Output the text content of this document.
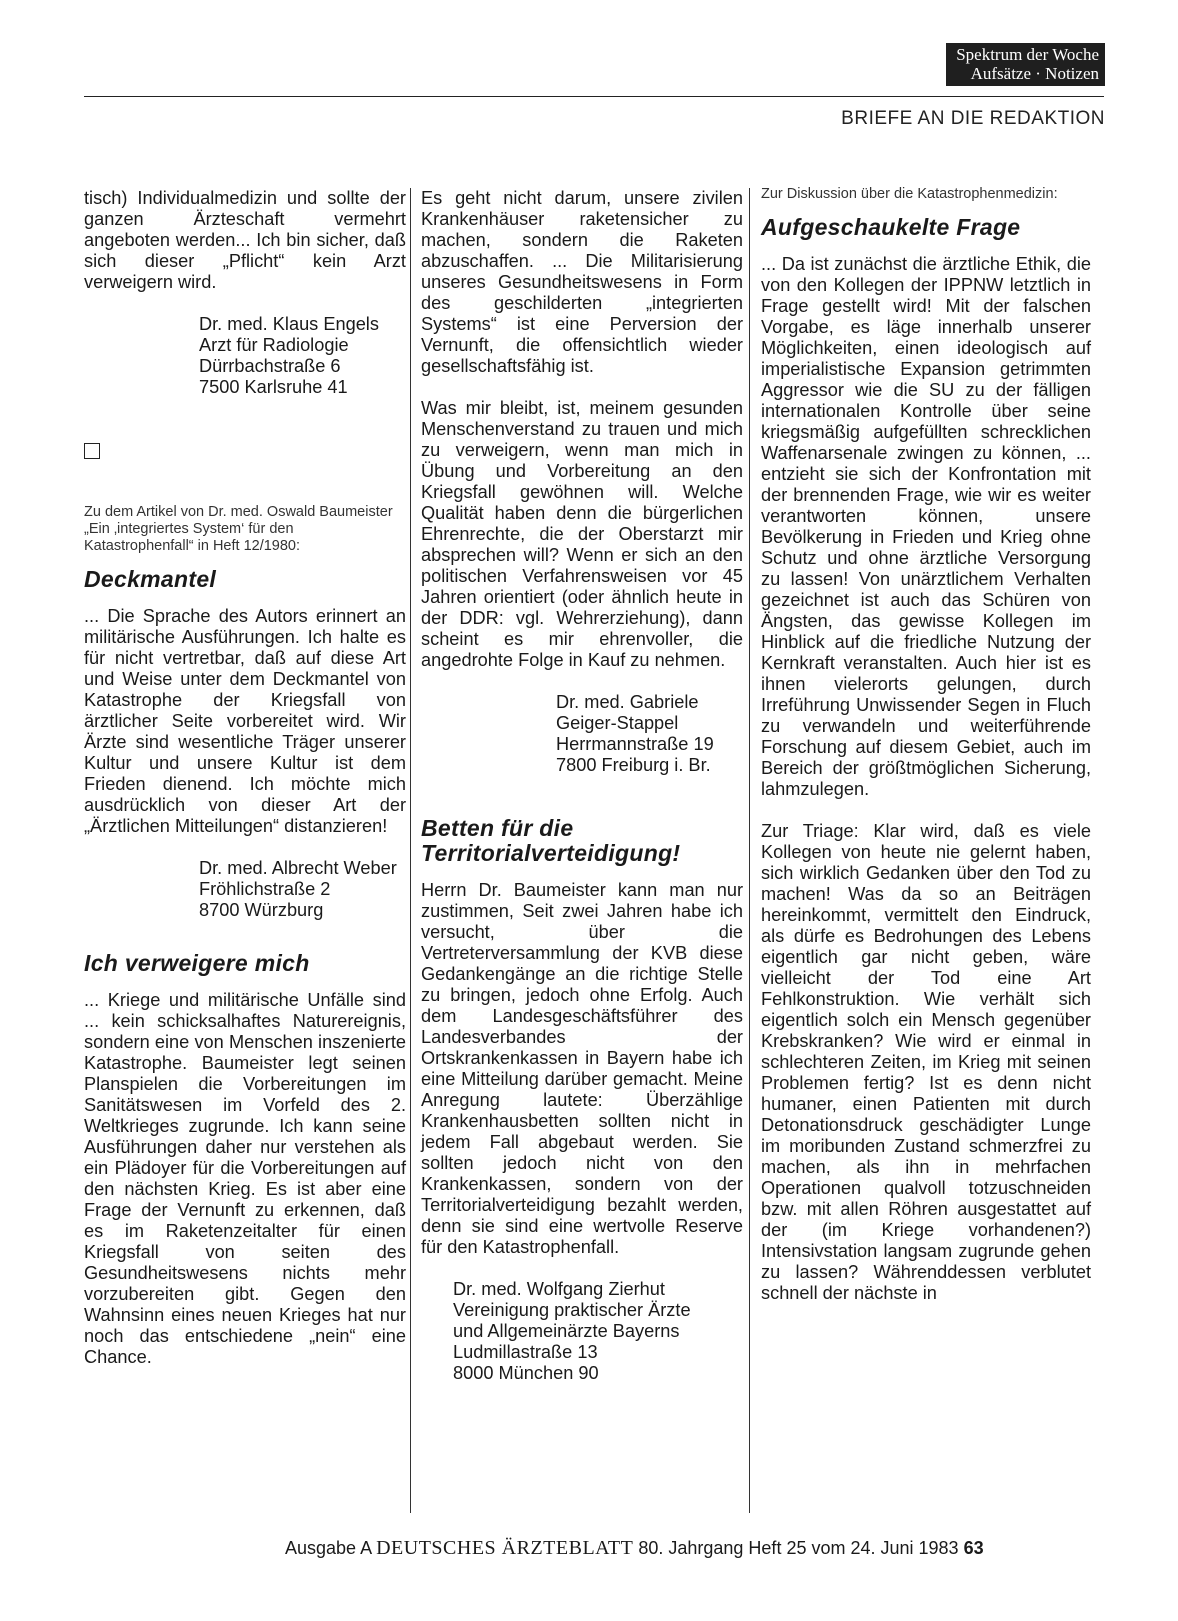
Spektrum der Woche
Aufsätze · Notizen
BRIEFE AN DIE REDAKTION

tisch) Individualmedizin und sollte der ganzen Ärzteschaft vermehrt angeboten werden... Ich bin sicher, daß sich dieser „Pflicht“ kein Arzt verweigern wird.

Dr. med. Klaus Engels
Arzt für Radiologie
Dürrbachstraße 6
7500 Karlsruhe 41

Zu dem Artikel von Dr. med. Oswald Baumeister „Ein ‚integriertes System‘ für den Katastrophenfall“ in Heft 12/1980:

Deckmantel

... Die Sprache des Autors erinnert an militärische Ausführungen. Ich halte es für nicht vertretbar, daß auf diese Art und Weise unter dem Deckmantel von Katastrophe der Kriegsfall von ärztlicher Seite vorbereitet wird. Wir Ärzte sind wesentliche Träger unserer Kultur und unsere Kultur ist dem Frieden dienend. Ich möchte mich ausdrücklich von dieser Art der „Ärztlichen Mitteilungen“ distanzieren!

Dr. med. Albrecht Weber
Fröhlichstraße 2
8700 Würzburg

Ich verweigere mich

... Kriege und militärische Unfälle sind ... kein schicksalhaftes Naturereignis, sondern eine von Menschen inszenierte Katastrophe. Baumeister legt seinen Planspielen die Vorbereitungen im Sanitätswesen im Vorfeld des 2. Weltkrieges zugrunde. Ich kann seine Ausführungen daher nur verstehen als ein Plädoyer für die Vorbereitungen auf den nächsten Krieg. Es ist aber eine Frage der Vernunft zu erkennen, daß es im Raketenzeitalter für einen Kriegsfall von seiten des Gesundheitswesens nichts mehr vorzubereiten gibt. Gegen den Wahnsinn eines neuen Krieges hat nur noch das entschiedene „nein“ eine Chance.

Es geht nicht darum, unsere zivilen Krankenhäuser raketensicher zu machen, sondern die Raketen abzuschaffen. ... Die Militarisierung unseres Gesundheitswesens in Form des geschilderten „integrierten Systems“ ist eine Perversion der Vernunft, die offensichtlich wieder gesellschaftsfähig ist.

Was mir bleibt, ist, meinem gesunden Menschenverstand zu trauen und mich zu verweigern, wenn man mich in Übung und Vorbereitung an den Kriegsfall gewöhnen will. Welche Qualität haben denn die bürgerlichen Ehrenrechte, die der Oberstarzt mir absprechen will? Wenn er sich an den politischen Verfahrensweisen vor 45 Jahren orientiert (oder ähnlich heute in der DDR: vgl. Wehrerziehung), dann scheint es mir ehrenvoller, die angedrohte Folge in Kauf zu nehmen.

Dr. med. Gabriele
Geiger-Stappel
Herrmannstraße 19
7800 Freiburg i. Br.

Betten für die Territorialverteidigung!

Herrn Dr. Baumeister kann man nur zustimmen, Seit zwei Jahren habe ich versucht, über die Vertreterversammlung der KVB diese Gedankengänge an die richtige Stelle zu bringen, jedoch ohne Erfolg. Auch dem Landesgeschäftsführer des Landesverbandes der Ortskrankenkassen in Bayern habe ich eine Mitteilung darüber gemacht. Meine Anregung lautete: Überzählige Krankenhausbetten sollten nicht in jedem Fall abgebaut werden. Sie sollten jedoch nicht von den Krankenkassen, sondern von der Territorialverteidigung bezahlt werden, denn sie sind eine wertvolle Reserve für den Katastrophenfall.

Dr. med. Wolfgang Zierhut
Vereinigung praktischer Ärzte
und Allgemeinärzte Bayerns
Ludmillastraße 13
8000 München 90

Zur Diskussion über die Katastrophenmedizin:

Aufgeschaukelte Frage

... Da ist zunächst die ärztliche Ethik, die von den Kollegen der IPPNW letztlich in Frage gestellt wird! Mit der falschen Vorgabe, es läge innerhalb unserer Möglichkeiten, einen ideologisch auf imperialistische Expansion getrimmten Aggressor wie die SU zu der fälligen internationalen Kontrolle über seine kriegsmäßig aufgefüllten schrecklichen Waffenarsenale zwingen zu können, ... entzieht sie sich der Konfrontation mit der brennenden Frage, wie wir es weiter verantworten können, unsere Bevölkerung in Frieden und Krieg ohne Schutz und ohne ärztliche Versorgung zu lassen! Von unärztlichem Verhalten gezeichnet ist auch das Schüren von Ängsten, das gewisse Kollegen im Hinblick auf die friedliche Nutzung der Kernkraft veranstalten. Auch hier ist es ihnen vielerorts gelungen, durch Irreführung Unwissender Segen in Fluch zu verwandeln und weiterführende Forschung auf diesem Gebiet, auch im Bereich der größtmöglichen Sicherung, lahmzulegen.

Zur Triage: Klar wird, daß es viele Kollegen von heute nie gelernt haben, sich wirklich Gedanken über den Tod zu machen! Was da so an Beiträgen hereinkommt, vermittelt den Eindruck, als dürfe es Bedrohungen des Lebens eigentlich gar nicht geben, wäre vielleicht der Tod eine Art Fehlkonstruktion. Wie verhält sich eigentlich solch ein Mensch gegenüber Krebskranken? Wie wird er einmal in schlechteren Zeiten, im Krieg mit seinen Problemen fertig? Ist es denn nicht humaner, einen Patienten mit durch Detonationsdruck geschädigter Lunge im moribunden Zustand schmerzfrei zu machen, als ihn in mehrfachen Operationen qualvoll totzuschneiden bzw. mit allen Röhren ausgestattet auf der (im Kriege vorhandenen?) Intensivstation langsam zugrunde gehen zu lassen? Währenddessen verblutet schnell der nächste in

Ausgabe A DEUTSCHES ÄRZTEBLATT 80. Jahrgang Heft 25 vom 24. Juni 1983 63
